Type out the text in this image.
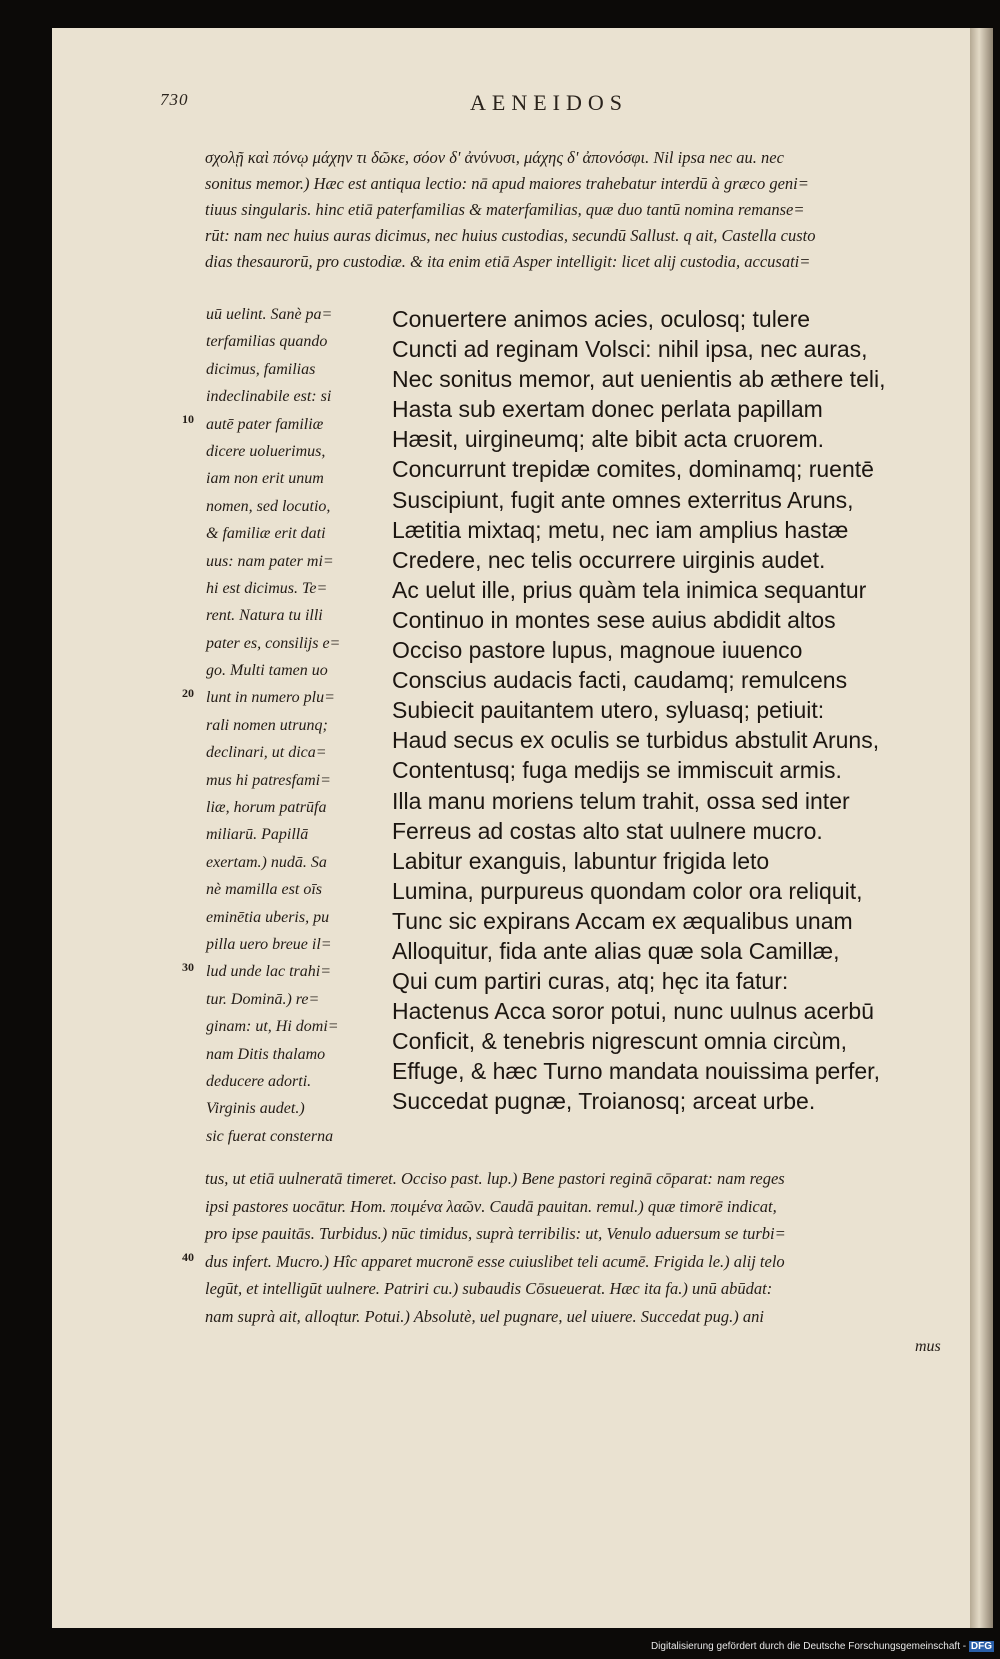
730	AENEIDOS
σχολῇ καὶ πόνῳ μάχην τι δῶκε, σόον δ' ἀνύνυσι, μάχης δ' ἀπονόσφι. Nil ipsa nec au. nec
sonitus memor.) Hæc est antiqua lectio: nā apud maiores trahebatur interdū à græco geni=
tiuus singularis. hinc etiā paterfamilias & materfamilias, quæ duo tantū nomina remanse=
rūt: nam nec huius auras dicimus, nec huius custodias, secundū Sallust. q ait, Castella custo
dias thesaurorū, pro custodiæ. & ita enim etiā Asper intelligit: licet alij custodia, accusati=
uū uelint. Sanè pa=
terfamilias quando
dicimus, familias
indeclinabile est: si
autē pater familiæ
dicere uoluerimus,
iam non erit unum
nomen, sed locutio,
& familiæ erit dati
uus: nam pater mi=
hi est dicimus. Te=
rent. Natura tu illi
pater es, consilijs e=
go. Multi tamen uo
lunt in numero plu=
rali nomen utrunq;
declinari, ut dica=
mus hi patresfami=
liæ, horum patrūfa
miliarū. Papillā
exertam.) nudā. Sa
nè mamilla est oīs
eminētia uberis, pu
pilla uero breue il=
lud unde lac trahi=
tur. Dominā.) re=
ginam: ut, Hi domi=
nam Ditis thalamo
deducere adorti.
Virginis audet.)
sic fuerat consterna
10
20
30
40
Conuertere animos acies, oculosq; tulere
Cuncti ad reginam Volsci: nihil ipsa, nec auras,
Nec sonitus memor, aut uenientis ab æthere teli,
Hasta sub exertam donec perlata papillam
Hæsit, uirgineumq; alte bibit acta cruorem.
Concurrunt trepidæ comites, dominamq; ruentē
Suscipiunt, fugit ante omnes exterritus Aruns,
Lætitia mixtaq; metu, nec iam amplius hastæ
Credere, nec telis occurrere uirginis audet.
Ac uelut ille, prius quàm tela inimica sequantur
Continuo in montes sese auius abdidit altos
Occiso pastore lupus, magnoue iuuenco
Conscius audacis facti, caudamq; remulcens
Subiecit pauitantem utero, syluasq; petiuit:
Haud secus ex oculis se turbidus abstulit Aruns,
Contentusq; fuga medijs se immiscuit armis.
Illa manu moriens telum trahit, ossa sed inter
Ferreus ad costas alto stat uulnere mucro.
Labitur exanguis, labuntur frigida leto
Lumina, purpureus quondam color ora reliquit,
Tunc sic expirans Accam ex æqualibus unam
Alloquitur, fida ante alias quæ sola Camillæ,
Qui cum partiri curas, atq; hęc ita fatur:
Hactenus Acca soror potui, nunc uulnus acerbū
Conficit, & tenebris nigrescunt omnia circùm,
Effuge, & hæc Turno mandata nouissima perfer,
Succedat pugnæ, Troianosq; arceat urbe.
tus, ut etiā uulneratā timeret. Occiso past. lup.) Bene pastori reginā cōparat: nam reges
ipsi pastores uocātur. Hom. ποιμένα λαῶν. Caudā pauitan. remul.) quæ timorē indicat,
pro ipse pauitās. Turbidus.) nūc timidus, suprà terribilis: ut, Venulo aduersum se turbi=
dus infert. Mucro.) Hîc apparet mucronē esse cuiuslibet teli acumē. Frigida le.) alij telo
legūt, et intelligūt uulnere. Patriri cu.) subaudis Cōsueuerat. Hæc ita fa.) unū abūdat:
nam suprà ait, alloqtur. Potui.) Absolutè, uel pugnare, uel uiuere. Succedat pug.) ani
mus
Digitalisierung gefördert durch die Deutsche Forschungsgemeinschaft - DFG
